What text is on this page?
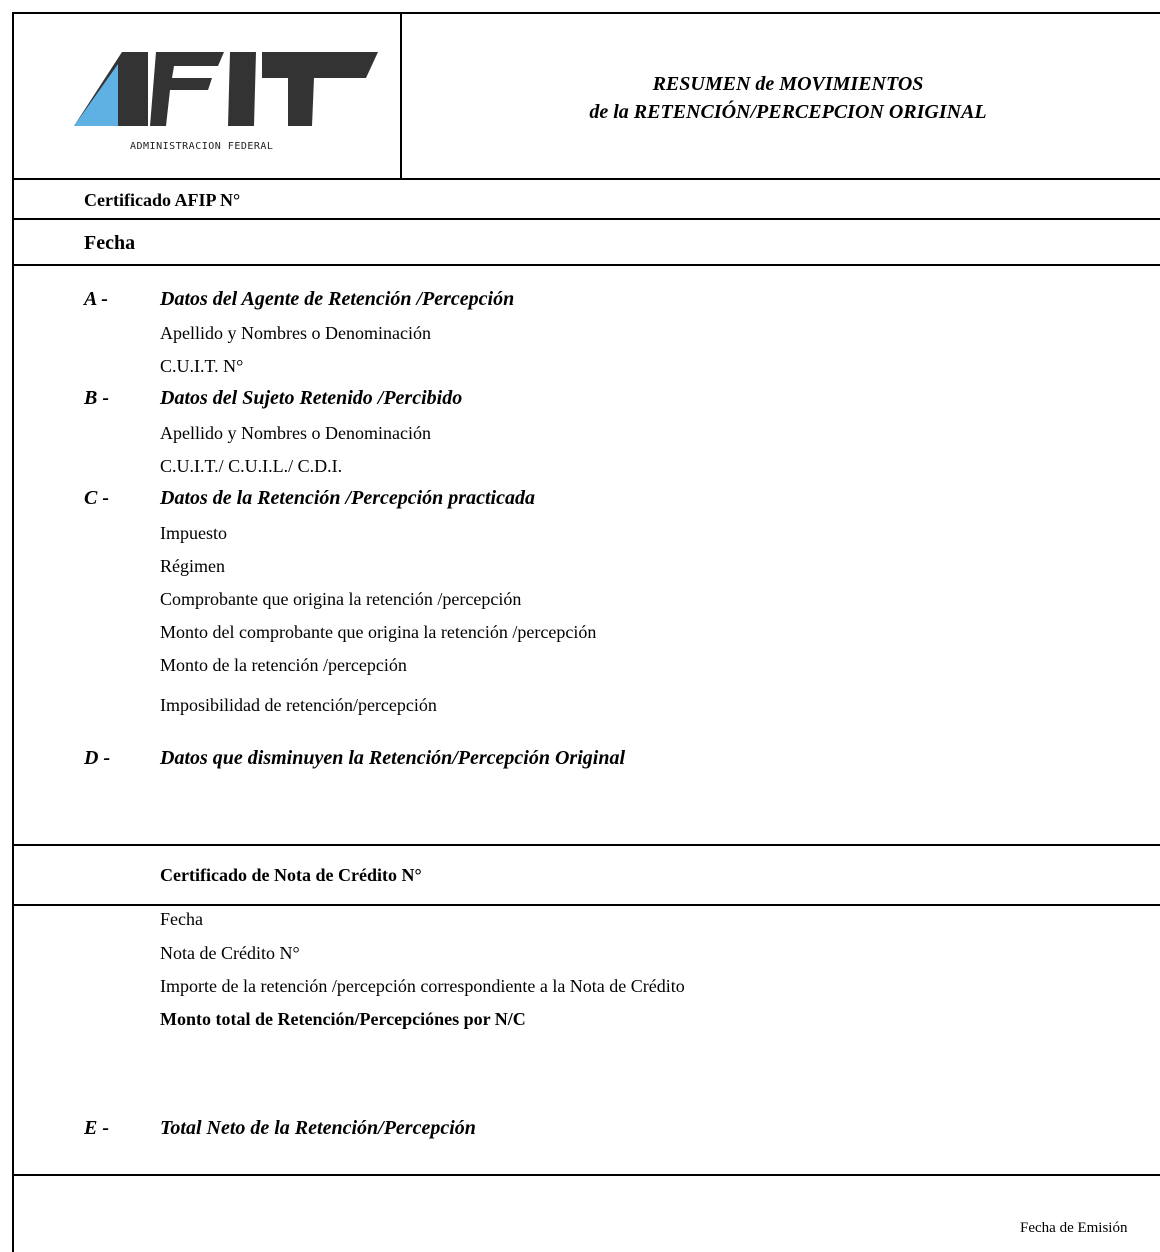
ADMINISTRACION FEDERAL
RESUMEN de MOVIMIENTOS
de la RETENCIÓN/PERCEPCION ORIGINAL
Certificado AFIP N°
Fecha
A -	Datos del Agente de Retención /Percepción
Apellido y Nombres o Denominación
C.U.I.T. N°
B -	Datos del Sujeto Retenido /Percibido
Apellido y Nombres o Denominación
C.U.I.T./ C.U.I.L./ C.D.I.
C -	Datos de la Retención /Percepción practicada
Impuesto
Régimen
Comprobante que origina la retención /percepción
Monto del comprobante que origina la retención /percepción
Monto de la retención /percepción
Imposibilidad de retención/percepción
D - Datos que disminuyen la Retención/Percepción Original
Certificado de Nota de Crédito N°
Fecha
Nota de Crédito N°
Importe de la retención /percepción correspondiente a la Nota de Crédito
Monto total de Retención/Percepciónes por N/C
E -	Total Neto de la Retención/Percepción
Fecha de Emisión
